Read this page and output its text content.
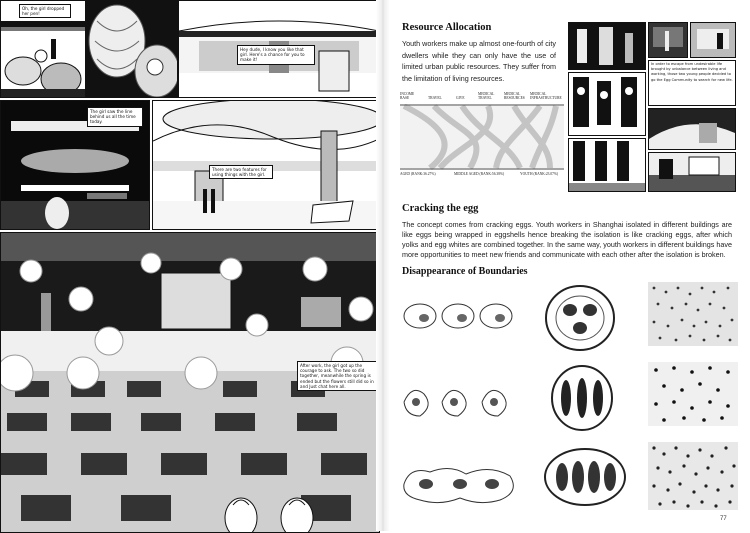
Oh, the girl dropped her pen!
Hey dude, I know you like that girl. Here's a chance for you to make it!
The girl saw the line behind us all the time today.
There are two features for using things with the girl.
After work, the girl got up the courage to ask. The two so did together, meanwhile the spring is ended but the flowers still did so in and Just chat here all.
Resource Allocation
Youth workers make up almost one-fourth of city dwellers while they can only have the use of limited urban public resources. They suffer from the limitation of living resources.
INCOME BASE	TRAVEL	GIVE
MEDICAL TRAVEL
MEDICAL RESOURCES
MEDICAL INFRASTRUCTURE
AGED (RANK:36.27%)	MIDDLE AGED (RANK:56.38%)	YOUTH (RANK:23.07%)
In order to escape from undesirable life brought by unbalance between living and working, those two young people decided to go the Egg Community to search for new life.
Cracking the egg
The concept comes from cracking eggs. Youth workers in Shanghai isolated in different buildings are like eggs being wrapped in eggshells hence breaking the isolation is like cracking eggs, after which yolks and egg whites are combined together. In the same way, youth workers in different buildings have more opportunities to meet new friends and communicate with each other after the isolation is broken.
Disappearance of Boundaries
77
